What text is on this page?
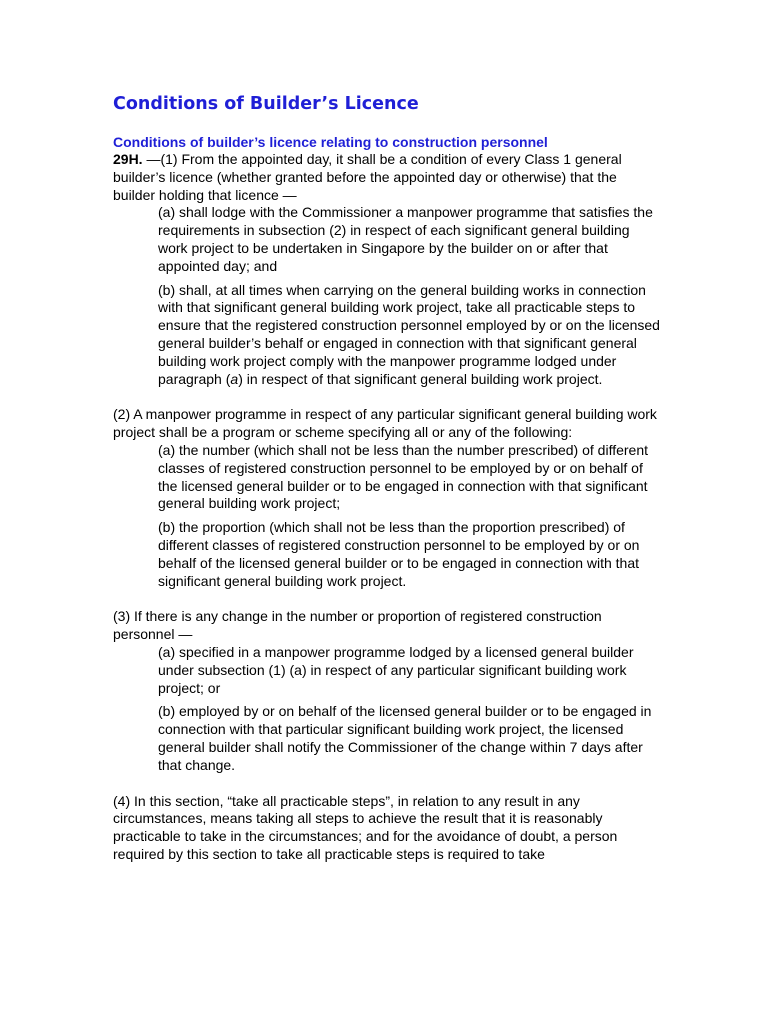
Conditions of Builder’s Licence
Conditions of builder’s licence relating to construction personnel

29H. —(1) From the appointed day, it shall be a condition of every Class 1 general builder’s licence (whether granted before the appointed day or otherwise) that the builder holding that licence —

(a) shall lodge with the Commissioner a manpower programme that satisfies the requirements in subsection (2) in respect of each significant general building work project to be undertaken in Singapore by the builder on or after that appointed day; and

(b) shall, at all times when carrying on the general building works in connection with that significant general building work project, take all practicable steps to ensure that the registered construction personnel employed by or on the licensed general builder’s behalf or engaged in connection with that significant general building work project comply with the manpower programme lodged under paragraph (a) in respect of that significant general building work project.

(2) A manpower programme in respect of any particular significant general building work project shall be a program or scheme specifying all or any of the following:

(a) the number (which shall not be less than the number prescribed) of different classes of registered construction personnel to be employed by or on behalf of the licensed general builder or to be engaged in connection with that significant general building work project;

(b) the proportion (which shall not be less than the proportion prescribed) of different classes of registered construction personnel to be employed by or on behalf of the licensed general builder or to be engaged in connection with that significant general building work project.

(3) If there is any change in the number or proportion of registered construction personnel —

(a) specified in a manpower programme lodged by a licensed general builder under subsection (1) (a) in respect of any particular significant building work project; or

(b) employed by or on behalf of the licensed general builder or to be engaged in connection with that particular significant building work project, the licensed general builder shall notify the Commissioner of the change within 7 days after that change.

(4) In this section, “take all practicable steps”, in relation to any result in any circumstances, means taking all steps to achieve the result that it is reasonably practicable to take in the circumstances; and for the avoidance of doubt, a person required by this section to take all practicable steps is required to take
